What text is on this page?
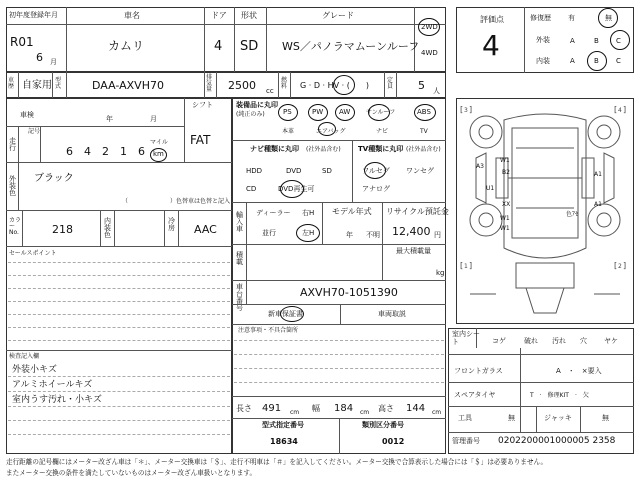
初年度登録年月
R01
6 月
車名
カムリ
ドア
4
形状
SD
グレード
WS／パノラマムーンルーフ
2WD
4WD
車歴 自家用 型式	DAA-AXVH70
排気量 2500 cc
燃料 G · D · HV · (　　)
定員 5 人
車検	年	月
シフト
FAT
記号
走行	6 4 2 1 6
マイル
km
外装色
ブラック
（　　　　　　　）色替車は色替と記入
カラーNo.	218
内装色
冷房 AAC
セールスポイント
検査記入欄
外装小キズ
アルミホイールキズ
室内うす汚れ・小キズ
装備品に丸印
(純正のみ)	PS	PW AW	サンルーフ	ABS
本革	エアバッグ	ナビ	TV
ナビ種類に丸印 (社外品含む)
HDD	DVD	SD
CD	DVD再生可
TV種類に丸印 (社外品含む)
フルセグ ワンセグ
アナログ
輸入車
ディーラー 右H
並行	左H
モデル年式
年 不明
リサイクル預託金
12,400 円
積載
最大積載量
kg
車台番号
AXVH70-1051390
新車保証書	車両取説
注意事項・不具合箇所
長さ 491 cm 幅 184 cm 高さ 144 cm
型式指定番号	類別区分番号
18634	0012
評価点
4
修復歴 有	無
外装	A	B C
内装	A	B C
[ 3 ]	[ 4 ]
[ 1 ]	[ 2 ]
A3
W1
B2
U1
W1
XX
W1
A1
A1
色ｱｾ
室内シート	コゲ	破れ 汚れ 穴 ヤケ
フロントガラス	A　・　×要入
スペアタイヤ	T　·　修理KIT　·　欠
工具	無	ジャッキ	無
管理番号 0202200001000005 2358
走行距離の記号欄にはメーター改ざん車は「＊」、メーター交換車は「＄」、走行不明車は「＃」を記入してください。メーター交換で合算表示した場合には「＄」は必要ありません。
またメーター交換の条件を満たしていないものはメーター改ざん車扱いとなります。
